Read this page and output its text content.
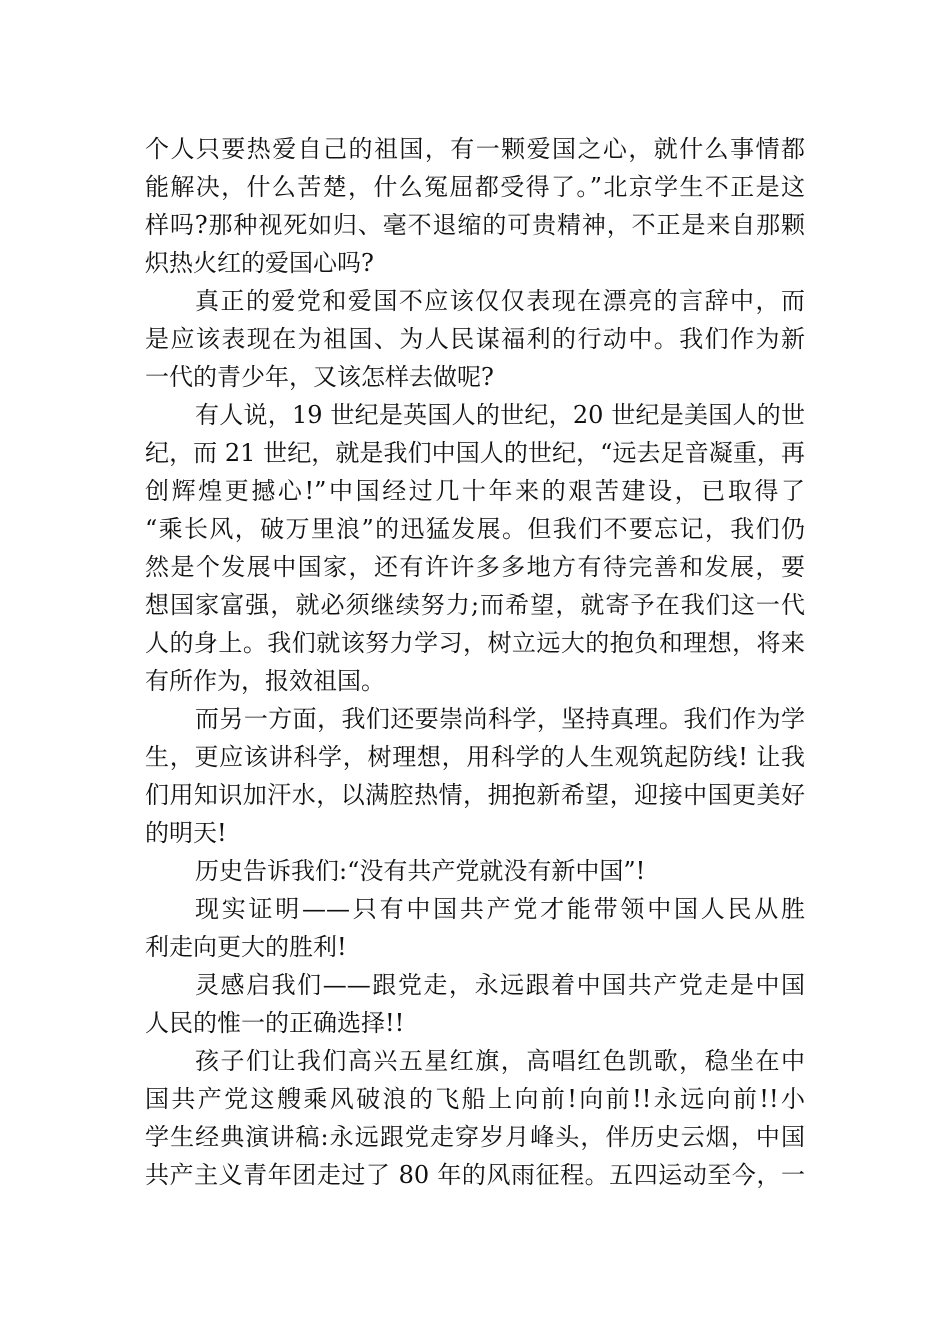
个人只要热爱自己的祖国，有一颗爱国之心，就什么事情都
能解决，什么苦楚，什么冤屈都受得了。”北京学生不正是这
样吗?那种视死如归、毫不退缩的可贵精神，不正是来自那颗
炽热火红的爱国心吗?
真正的爱党和爱国不应该仅仅表现在漂亮的言辞中，而
是应该表现在为祖国、为人民谋福利的行动中。我们作为新
一代的青少年，又该怎样去做呢?
有人说，19 世纪是英国人的世纪，20 世纪是美国人的世
纪，而 21 世纪，就是我们中国人的世纪，“远去足音凝重，再
创辉煌更撼心!”中国经过几十年来的艰苦建设，已取得了
“乘长风，破万里浪”的迅猛发展。但我们不要忘记，我们仍
然是个发展中国家，还有许许多多地方有待完善和发展，要
想国家富强，就必须继续努力;而希望，就寄予在我们这一代
人的身上。我们就该努力学习，树立远大的抱负和理想，将来
有所作为，报效祖国。
而另一方面，我们还要崇尚科学，坚持真理。我们作为学
生，更应该讲科学，树理想，用科学的人生观筑起防线! 让我
们用知识加汗水，以满腔热情，拥抱新希望，迎接中国更美好
的明天!
历史告诉我们:“没有共产党就没有新中国”!
现实证明——只有中国共产党才能带领中国人民从胜
利走向更大的胜利!
灵感启我们——跟党走，永远跟着中国共产党走是中国
人民的惟一的正确选择!!
孩子们让我们高兴五星红旗，高唱红色凯歌，稳坐在中
国共产党这艘乘风破浪的飞船上向前!向前!!永远向前!!小
学生经典演讲稿:永远跟党走穿岁月峰头，伴历史云烟，中国
共产主义青年团走过了 80 年的风雨征程。五四运动至今，一
